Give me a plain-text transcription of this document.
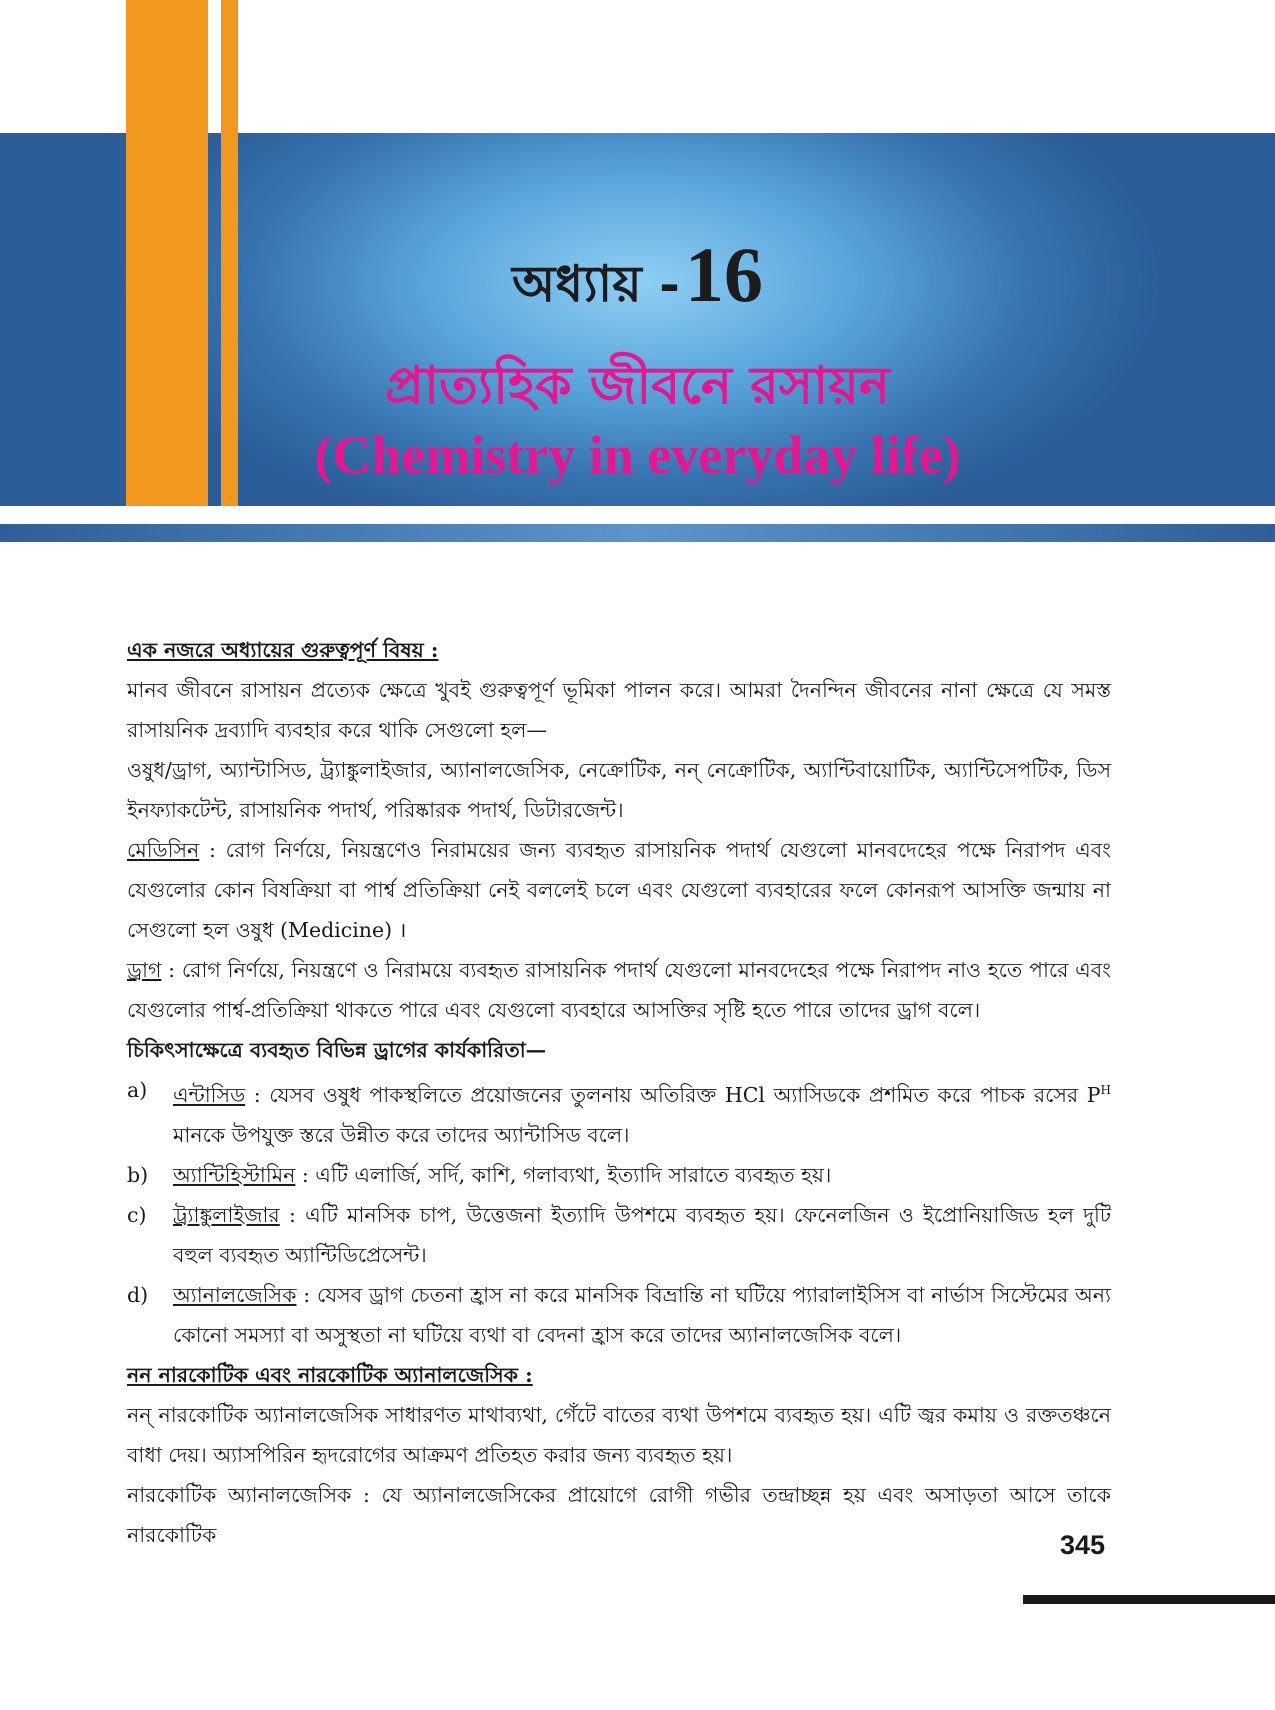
অধ্যায় - 16
প্রাত্যহিক জীবনে রসায়ন
(Chemistry in everyday life)

এক নজরে অধ্যায়ের গুরুত্বপূর্ণ বিষয় :

মানব জীবনে রাসায়ন প্রত্যেক ক্ষেত্রে খুবই গুরুত্বপূর্ণ ভূমিকা পালন করে। আমরা দৈনন্দিন জীবনের নানা ক্ষেত্রে যে সমস্ত রাসায়নিক দ্রব্যাদি ব্যবহার করে থাকি সেগুলো হল—

ওষুধ/ড্রাগ, অ্যান্টাসিড, ট্র্যাঙ্কুলাইজার, অ্যানালজেসিক, নেক্রোটিক, নন্ নেক্রোটিক, অ্যান্টিবায়োটিক, অ্যান্টিসেপটিক, ডিস ইনফ্যাকটেন্ট, রাসায়নিক পদার্থ, পরিষ্কারক পদার্থ, ডিটারজেন্ট।

মেডিসিন : রোগ নির্ণয়ে, নিয়ন্ত্রণেও নিরাময়ের জন্য ব্যবহৃত রাসায়নিক পদার্থ যেগুলো মানবদেহের পক্ষে নিরাপদ এবং যেগুলোর কোন বিষক্রিয়া বা পার্শ্ব প্রতিক্রিয়া নেই বললেই চলে এবং যেগুলো ব্যবহারের ফলে কোনরূপ আসক্তি জন্মায় না সেগুলো হল ওষুধ (Medicine) ।

ড্রাগ : রোগ নির্ণয়ে, নিয়ন্ত্রণে ও নিরাময়ে ব্যবহৃত রাসায়নিক পদার্থ যেগুলো মানবদেহের পক্ষে নিরাপদ নাও হতে পারে এবং যেগুলোর পার্শ্ব-প্রতিক্রিয়া থাকতে পারে এবং যেগুলো ব্যবহারে আসক্তির সৃষ্টি হতে পারে তাদের ড্রাগ বলে।

চিকিৎসাক্ষেত্রে ব্যবহৃত বিভিন্ন ড্রাগের কার্যকারিতা—

a)	এন্টাসিড : যেসব ওষুধ পাকস্থলিতে প্রয়োজনের তুলনায় অতিরিক্ত HCl অ্যাসিডকে প্রশমিত করে পাচক রসের $P^H$ মানকে উপযুক্ত স্তরে উন্নীত করে তাদের অ্যান্টাসিড বলে।
b)	অ্যান্টিহিস্টামিন : এটি এলার্জি, সর্দি, কাশি, গলাব্যথা, ইত্যাদি সারাতে ব্যবহৃত হয়।
c)	ট্র্যাঙ্কুলাইজার : এটি মানসিক চাপ, উত্তেজনা ইত্যাদি উপশমে ব্যবহৃত হয়। ফেনেলজিন ও ইপ্রোনিয়াজিড হল দুটি বহুল ব্যবহৃত অ্যান্টিডিপ্রেসেন্ট।
d)	অ্যানালজেসিক : যেসব ড্রাগ চেতনা হ্রাস না করে মানসিক বিভ্রান্তি না ঘটিয়ে প্যারালাইসিস বা নার্ভাস সিস্টেমের অন্য কোনো সমস্যা বা অসুস্থতা না ঘটিয়ে ব্যথা বা বেদনা হ্রাস করে তাদের অ্যানালজেসিক বলে।

নন নারকোটিক এবং নারকোটিক অ্যানালজেসিক :

নন্ নারকোটিক অ্যানালজেসিক সাধারণত মাথাব্যথা, গেঁটে বাতের ব্যথা উপশমে ব্যবহৃত হয়। এটি জ্বর কমায় ও রক্ততঞ্চনে বাধা দেয়। অ্যাসপিরিন হৃদরোগের আক্রমণ প্রতিহত করার জন্য ব্যবহৃত হয়।

নারকোটিক অ্যানালজেসিক : যে অ্যানালজেসিকের প্রায়োগে রোগী গভীর তন্দ্রাচ্ছন্ন হয় এবং অসাড়তা আসে তাকে নারকোটিক	345
